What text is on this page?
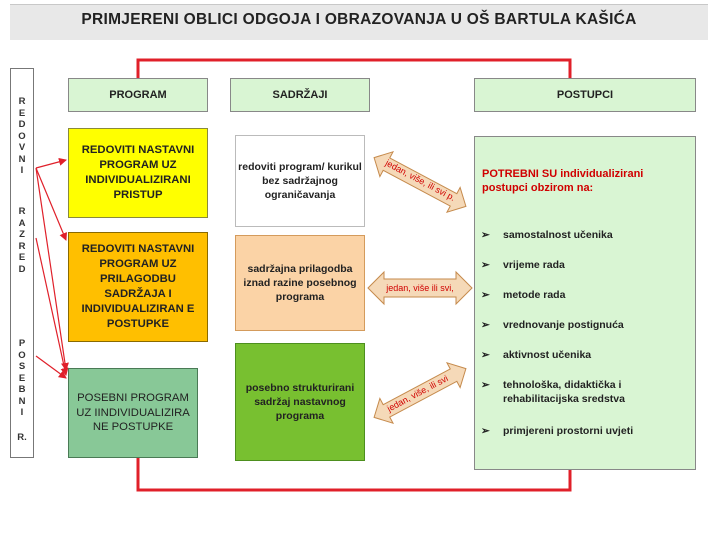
PRIMJERENI OBLICI ODGOJA I OBRAZOVANJA U OŠ BARTULA KAŠIĆA
jedan, više, ili svi p.
jedan, više ili svi,
jedan, više, ili svi
R
E
D
O
V
N
I
R
A
Z
R
E
D
P
O
S
E
B
N
I
R.
PROGRAM	SADRŽAJI	POSTUPCI
REDOVITI NASTAVNI PROGRAM UZ INDIVIDUALIZIRANI PRISTUP
REDOVITI NASTAVNI PROGRAM UZ PRILAGODBU SADRŽAJA I INDIVIDUALIZIRAN E POSTUPKE
POSEBNI PROGRAM UZ IINDIVIDUALIZIRA NE POSTUPKE
redoviti program/ kurikul bez sadržajnog ograničavanja
sadržajna prilagodba iznad razine posebnog programa
posebno strukturirani sadržaj nastavnog programa
POTREBNI SU individualizirani postupci obzirom na:
➢ samostalnost učenika
➢ vrijeme rada
➢ metode rada
➢ vrednovanje postignuća
➢ aktivnost učenika
➢ tehnološka, didaktička i rehabilitacijska sredstva
➢ primjereni prostorni uvjeti
